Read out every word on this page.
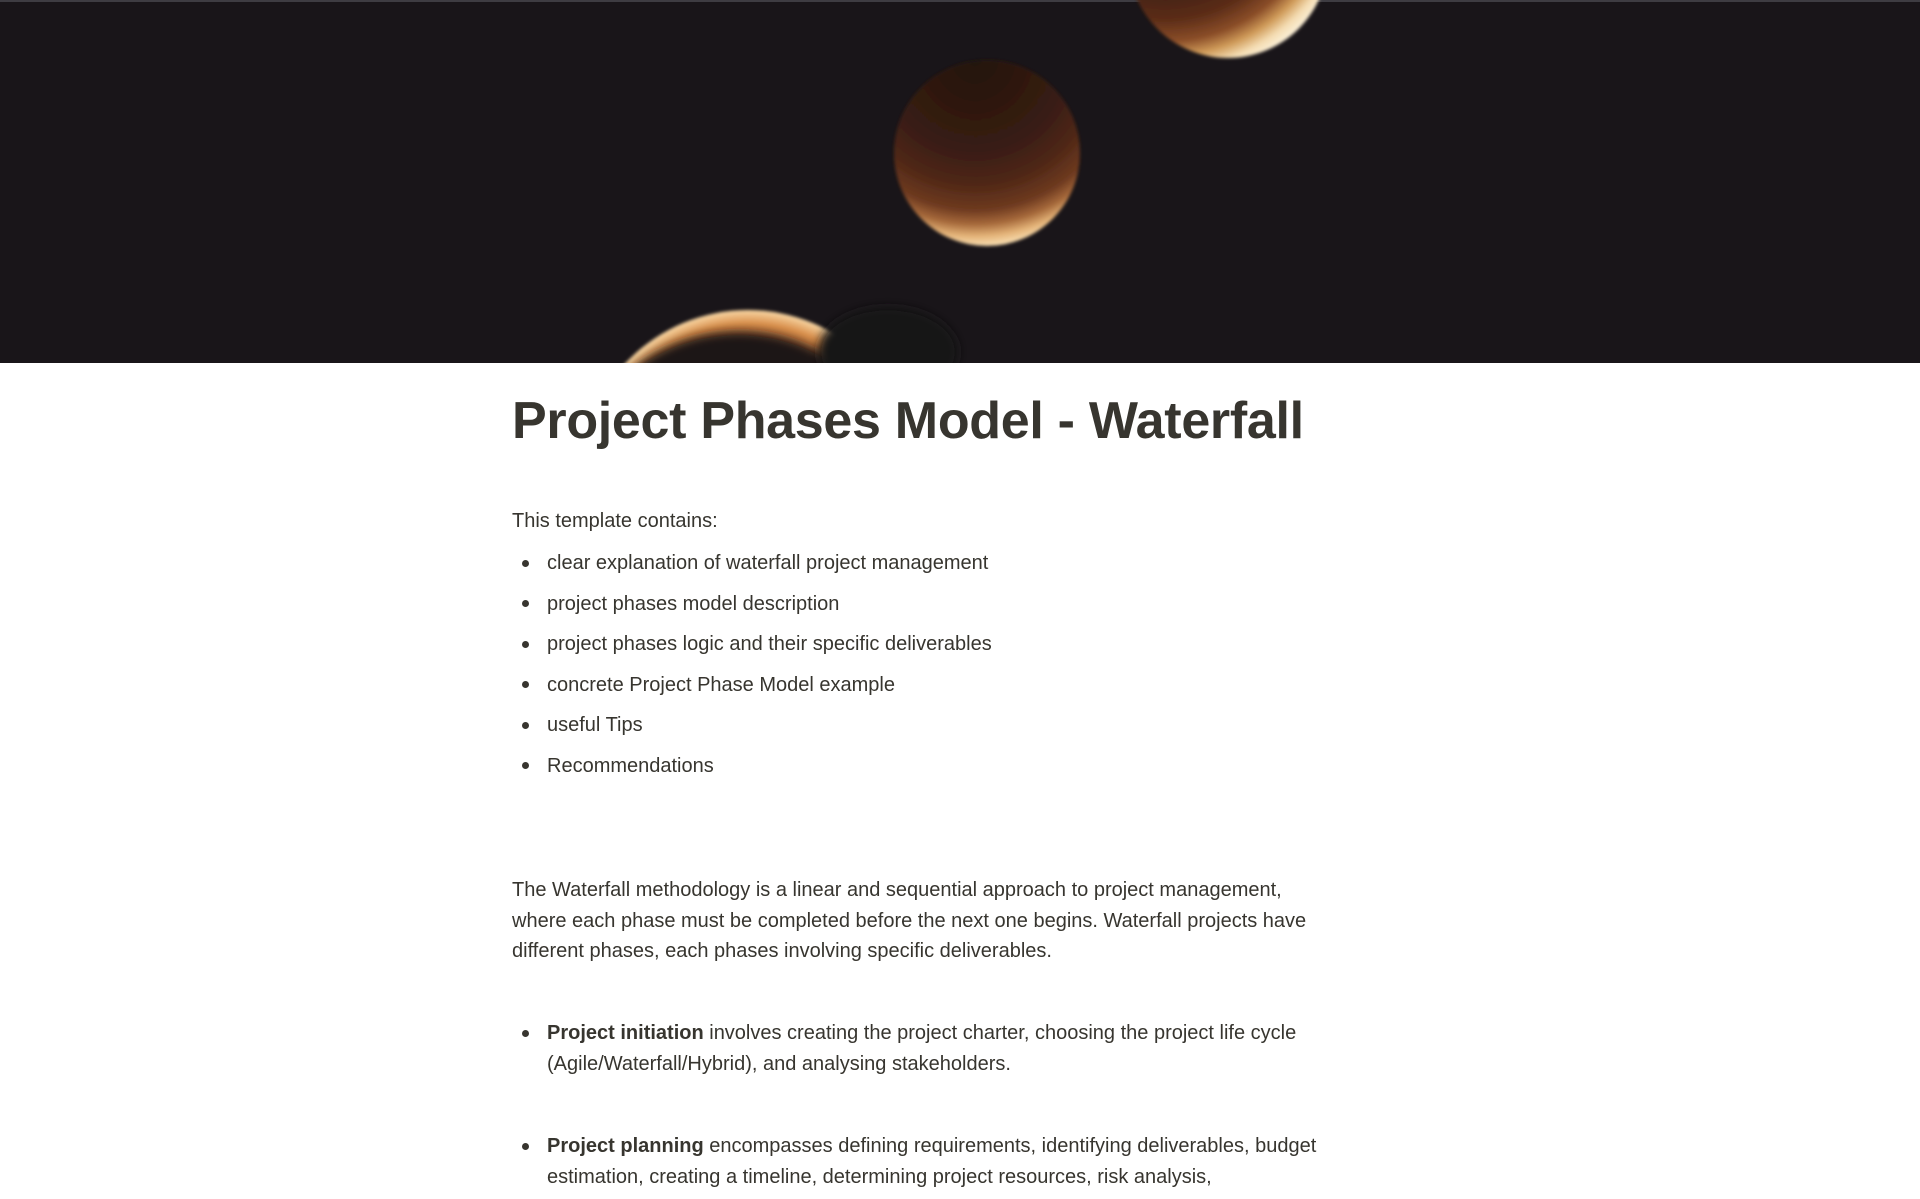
Project Phases Model - Waterfall
This template contains:
clear explanation of waterfall project management
project phases model description
project phases logic and their specific deliverables
concrete Project Phase Model example
useful Tips
Recommendations
The Waterfall methodology is a linear and sequential approach to project management,
where each phase must be completed before the next one begins. Waterfall projects have
different phases, each phases involving specific deliverables.
Project initiation involves creating the project charter, choosing the project life cycle
(Agile/Waterfall/Hybrid), and analysing stakeholders.
Project planning encompasses defining requirements, identifying deliverables, budget
estimation, creating a timeline, determining project resources, risk analysis,
